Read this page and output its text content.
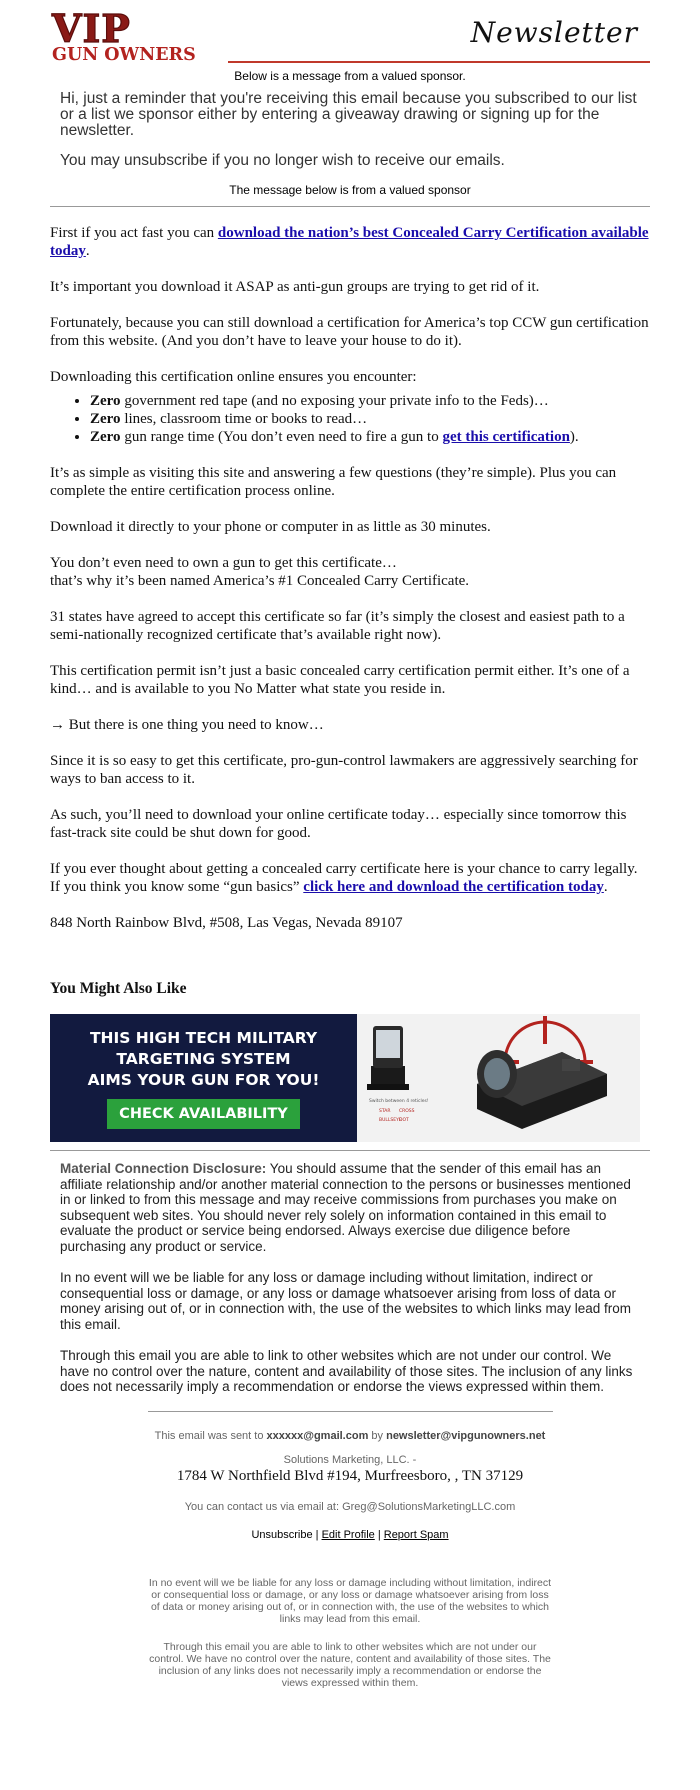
VIP
GUN OWNERS
Newsletter
Below is a message from a valued sponsor.

Hi, just a reminder that you're receiving this email because you subscribed to our list or a list we sponsor either by entering a giveaway drawing or signing up for the newsletter.

You may unsubscribe if you no longer wish to receive our emails.

The message below is from a valued sponsor

First if you act fast you can download the nation’s best Concealed Carry Certification available today.

It’s important you download it ASAP as anti-gun groups are trying to get rid of it.

Fortunately, because you can still download a certification for America’s top CCW gun certification from this website. (And you don’t have to leave your house to do it).

Downloading this certification online ensures you encounter:

• Zero government red tape (and no exposing your private info to the Feds)…
• Zero lines, classroom time or books to read…
• Zero gun range time (You don’t even need to fire a gun to get this certification).

It’s as simple as visiting this site and answering a few questions (they’re simple). Plus you can complete the entire certification process online.

Download it directly to your phone or computer in as little as 30 minutes.

You don’t even need to own a gun to get this certificate…
that’s why it’s been named America’s #1 Concealed Carry Certificate.

31 states have agreed to accept this certificate so far (it’s simply the closest and easiest path to a semi-nationally recognized certificate that’s available right now).

This certification permit isn’t just a basic concealed carry certification permit either. It’s one of a kind… and is available to you No Matter what state you reside in.

→ But there is one thing you need to know…

Since it is so easy to get this certificate, pro-gun-control lawmakers are aggressively searching for ways to ban access to it.

As such, you’ll need to download your online certificate today… especially since tomorrow this fast-track site could be shut down for good.

If you ever thought about getting a concealed carry certificate here is your chance to carry legally. If you think you know some “gun basics” click here and download the certification today.

848 North Rainbow Blvd, #508, Las Vegas, Nevada 89107

You Might Also Like
THIS HIGH TECH MILITARY
TARGETING SYSTEM
AIMS YOUR GUN FOR YOU!
CHECK AVAILABILITY
Switch between 4 reticles!
STAR CROSS
BULLSEYE
DOT

Material Connection Disclosure: You should assume that the sender of this email has an affiliate relationship and/or another material connection to the persons or businesses mentioned in or linked to from this message and may receive commissions from purchases you make on subsequent web sites. You should never rely solely on information contained in this email to evaluate the product or service being endorsed. Always exercise due diligence before purchasing any product or service.

In no event will we be liable for any loss or damage including without limitation, indirect or consequential loss or damage, or any loss or damage whatsoever arising from loss of data or money arising out of, or in connection with, the use of the websites to which links may lead from this email.

Through this email you are able to link to other websites which are not under our control. We have no control over the nature, content and availability of those sites. The inclusion of any links does not necessarily imply a recommendation or endorse the views expressed within them.

This email was sent to xxxxxx@gmail.com by newsletter@vipgunowners.net

Solutions Marketing, LLC. -

1784 W Northfield Blvd #194, Murfreesboro, , TN 37129

You can contact us via email at: Greg@SolutionsMarketingLLC.com

Unsubscribe | Edit Profile | Report Spam

In no event will we be liable for any loss or damage including without limitation, indirect or consequential loss or damage, or any loss or damage whatsoever arising from loss of data or money arising out of, or in connection with, the use of the websites to which links may lead from this email.

Through this email you are able to link to other websites which are not under our control. We have no control over the nature, content and availability of those sites. The inclusion of any links does not necessarily imply a recommendation or endorse the views expressed within them.
